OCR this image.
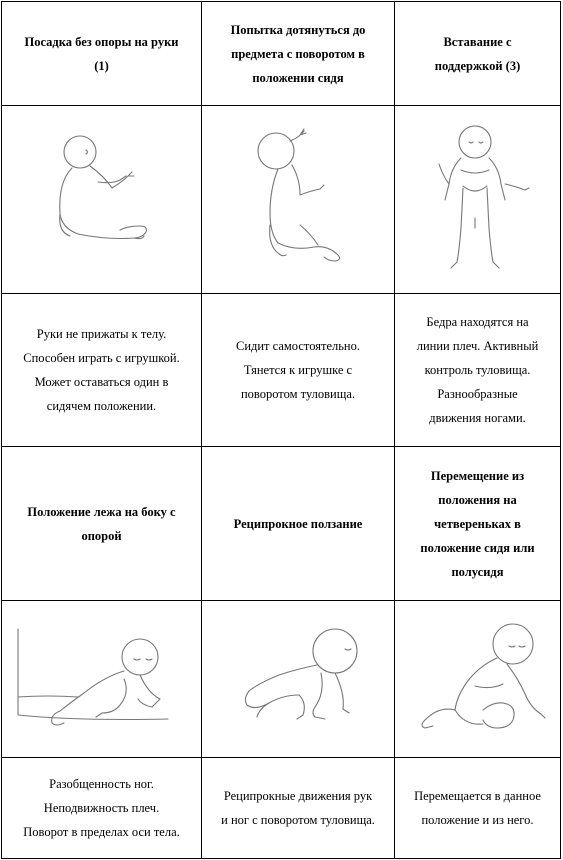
Посадка без опоры на руки
(1)	Попытка дотянуться до
предмета с поворотом в
положении сидя	Вставание с
поддержкой (3)

Руки не прижаты к телу.
Способен играть с игрушкой.
Может оставаться один в
сидячем положении.	Сидит самостоятельно.
Тянется к игрушке с
поворотом туловища.	Бедра находятся на
линии плеч. Активный
контроль туловища.
Разнообразные
движения ногами.

Положение лежа на боку с
опорой	Реципрокное ползание	Перемещение из
положения на
четвереньках в
положение сидя или
полусидя

Разобщенность ног.
Неподвижность плеч.
Поворот в пределах оси тела.	Реципрокные движения рук
и ног с поворотом туловища.	Перемещается в данное
положение и из него.
